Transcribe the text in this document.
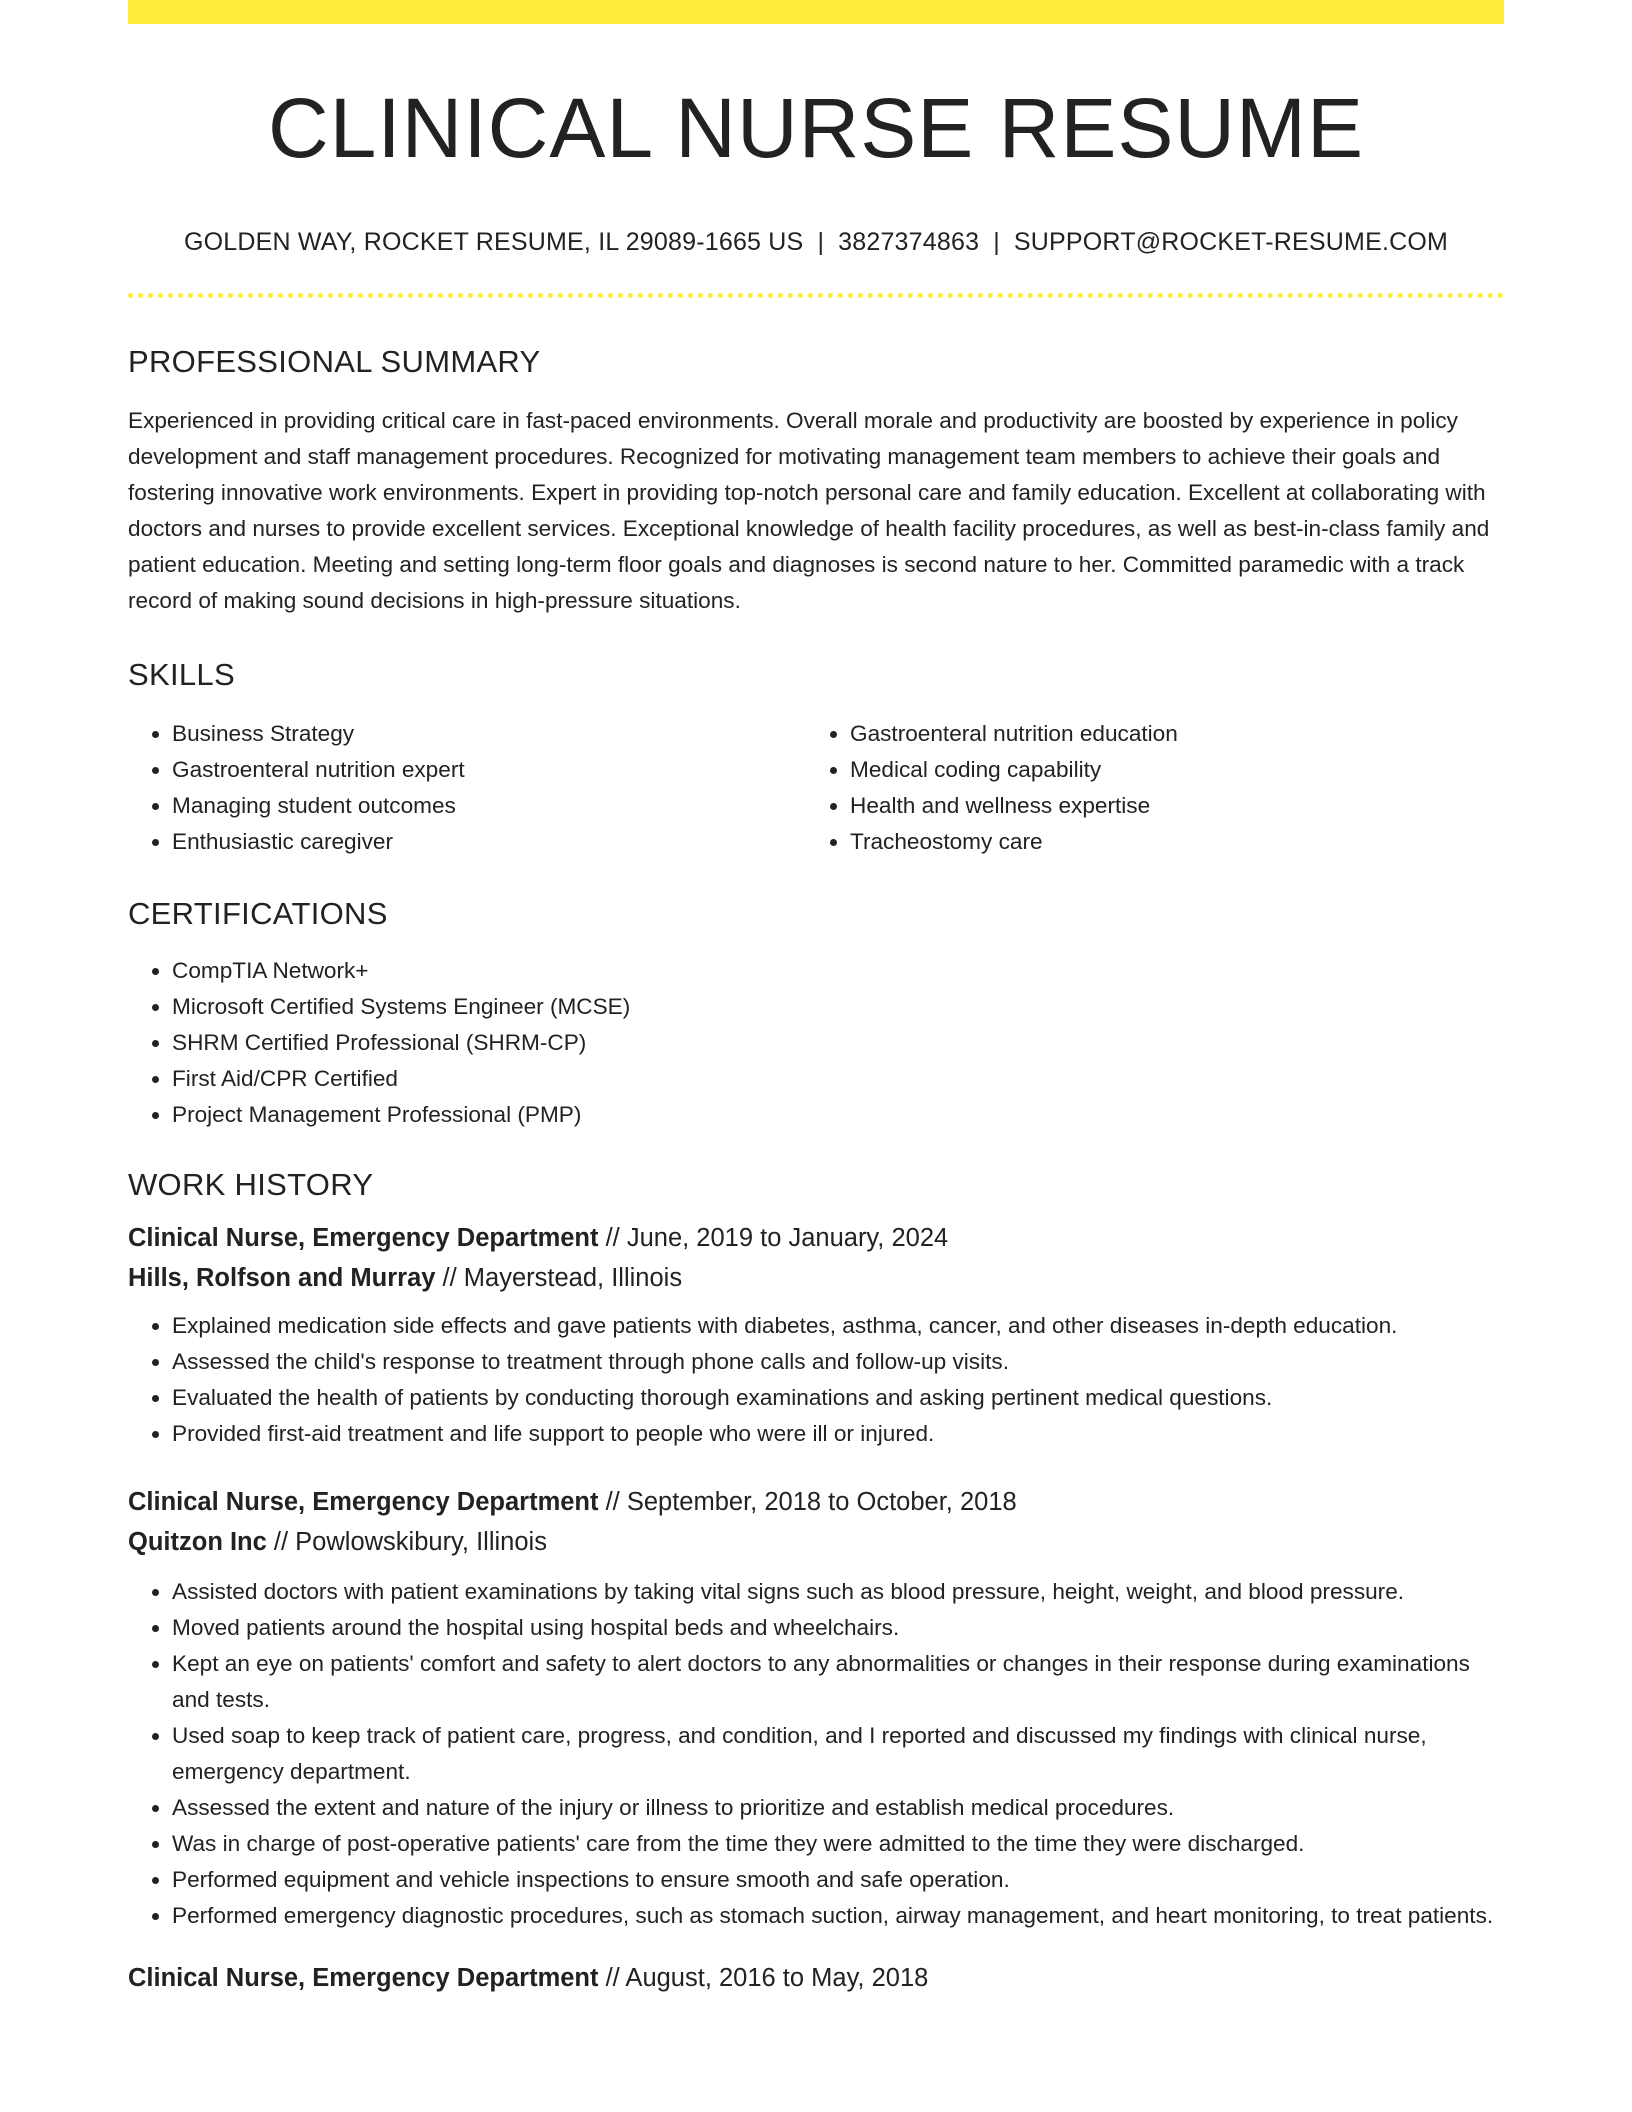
CLINICAL NURSE RESUME
GOLDEN WAY, ROCKET RESUME, IL 29089-1665 US | 3827374863 | SUPPORT@ROCKET-RESUME.COM
PROFESSIONAL SUMMARY
Experienced in providing critical care in fast-paced environments. Overall morale and productivity are boosted by experience in policy development and staff management procedures. Recognized for motivating management team members to achieve their goals and fostering innovative work environments. Expert in providing top-notch personal care and family education. Excellent at collaborating with doctors and nurses to provide excellent services. Exceptional knowledge of health facility procedures, as well as best-in-class family and patient education. Meeting and setting long-term floor goals and diagnoses is second nature to her. Committed paramedic with a track record of making sound decisions in high-pressure situations.
SKILLS
• Business Strategy
• Gastroenteral nutrition expert
• Managing student outcomes
• Enthusiastic caregiver
• Gastroenteral nutrition education
• Medical coding capability
• Health and wellness expertise
• Tracheostomy care
CERTIFICATIONS
• CompTIA Network+
• Microsoft Certified Systems Engineer (MCSE)
• SHRM Certified Professional (SHRM-CP)
• First Aid/CPR Certified
• Project Management Professional (PMP)
WORK HISTORY
Clinical Nurse, Emergency Department // June, 2019 to January, 2024
Hills, Rolfson and Murray // Mayerstead, Illinois
• Explained medication side effects and gave patients with diabetes, asthma, cancer, and other diseases in-depth education.
• Assessed the child's response to treatment through phone calls and follow-up visits.
• Evaluated the health of patients by conducting thorough examinations and asking pertinent medical questions.
• Provided first-aid treatment and life support to people who were ill or injured.
Clinical Nurse, Emergency Department // September, 2018 to October, 2018
Quitzon Inc // Powlowskibury, Illinois
• Assisted doctors with patient examinations by taking vital signs such as blood pressure, height, weight, and blood pressure.
• Moved patients around the hospital using hospital beds and wheelchairs.
• Kept an eye on patients' comfort and safety to alert doctors to any abnormalities or changes in their response during examinations and tests.
• Used soap to keep track of patient care, progress, and condition, and I reported and discussed my findings with clinical nurse, emergency department.
• Assessed the extent and nature of the injury or illness to prioritize and establish medical procedures.
• Was in charge of post-operative patients' care from the time they were admitted to the time they were discharged.
• Performed equipment and vehicle inspections to ensure smooth and safe operation.
• Performed emergency diagnostic procedures, such as stomach suction, airway management, and heart monitoring, to treat patients.
Clinical Nurse, Emergency Department // August, 2016 to May, 2018
